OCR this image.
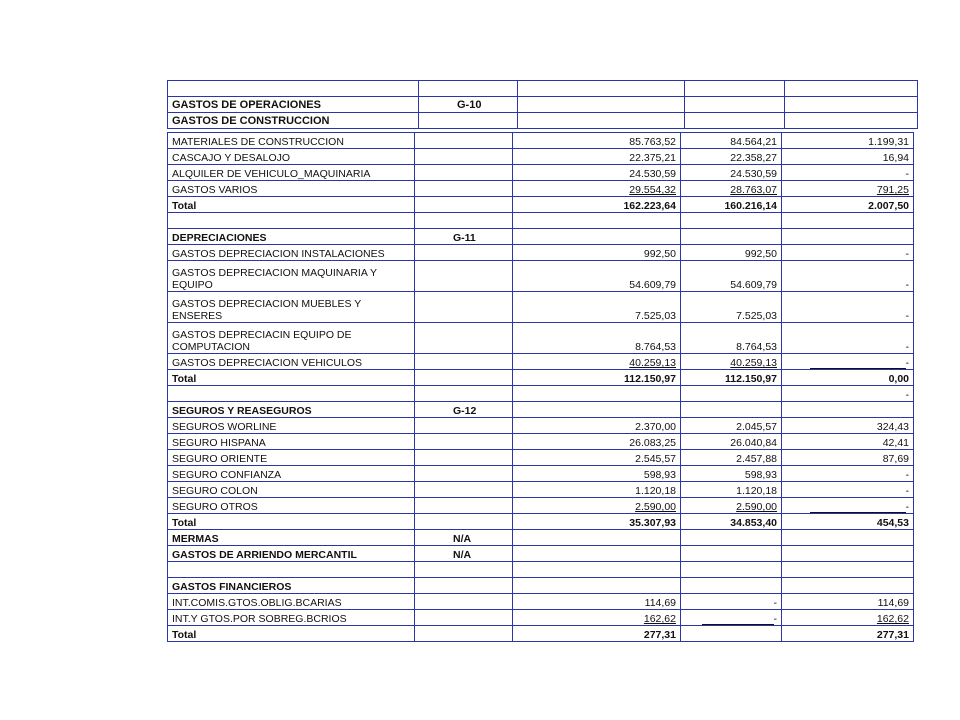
GASTOS DE OPERACIONES	G-10			
GASTOS DE CONSTRUCCION				
MATERIALES DE CONSTRUCCION		85.763,52	84.564,21	1.199,31
CASCAJO Y DESALOJO		22.375,21	22.358,27	16,94
ALQUILER DE VEHICULO_MAQUINARIA		24.530,59	24.530,59	-
GASTOS VARIOS		29.554,32	28.763,07	791,25
Total		162.223,64	160.216,14	2.007,50

DEPRECIACIONES	G-11			
GASTOS DEPRECIACION INSTALACIONES		992,50	992,50	-
GASTOS DEPRECIACION MAQUINARIA Y EQUIPO		54.609,79	54.609,79	-
GASTOS DEPRECIACION MUEBLES Y ENSERES		7.525,03	7.525,03	-
GASTOS DEPRECIACIN EQUIPO DE COMPUTACION		8.764,53	8.764,53	-
GASTOS DEPRECIACION VEHICULOS		40.259,13	40.259,13	-
Total		112.150,97	112.150,97	0,00
				-
SEGUROS Y REASEGUROS	G-12			
SEGUROS WORLINE		2.370,00	2.045,57	324,43
SEGURO HISPANA		26.083,25	26.040,84	42,41
SEGURO ORIENTE		2.545,57	2.457,88	87,69
SEGURO CONFIANZA		598,93	598,93	-
SEGURO COLON		1.120,18	1.120,18	-
SEGURO OTROS		2.590,00	2.590,00	-
Total		35.307,93	34.853,40	454,53
MERMAS	N/A			
GASTOS DE ARRIENDO MERCANTIL	N/A			

GASTOS FINANCIEROS				
INT.COMIS.GTOS.OBLIG.BCARIAS		114,69	-	114,69
INT.Y GTOS.POR SOBREG.BCRIOS		162,62	-	162,62
Total		277,31		277,31
